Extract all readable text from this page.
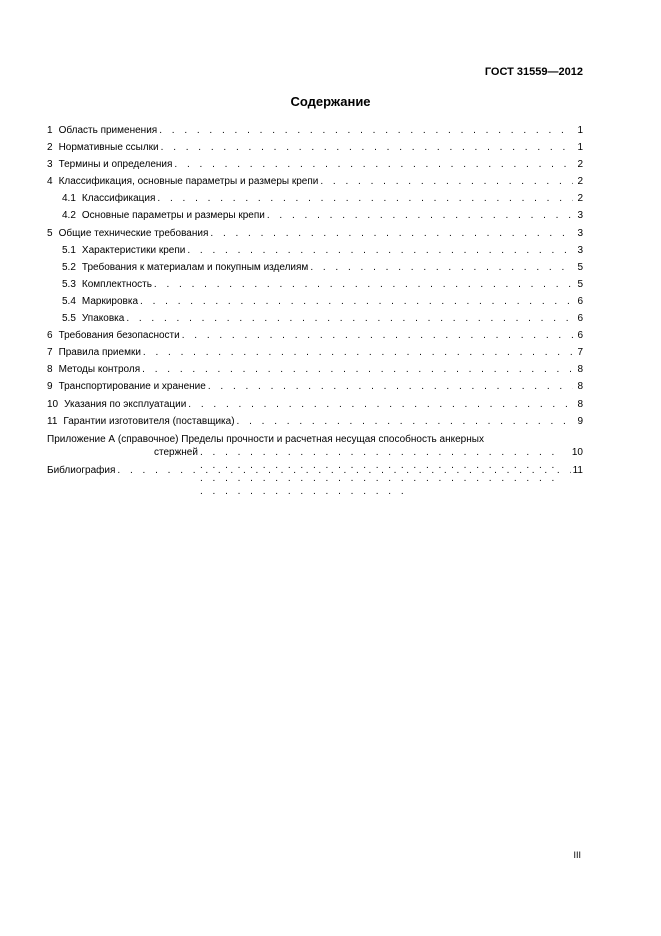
ГОСТ 31559—2012
Содержание
1 Область применения . . .	1
2 Нормативные ссылки . . .	1
3 Термины и определения . . .	2
4 Классификация, основные параметры и размеры крепи . . .	2
4.1 Классификация . . .	2
4.2 Основные параметры и размеры крепи . . .	3
5 Общие технические требования . . .	3
5.1 Характеристики крепи . . .	3
5.2 Требования к материалам и покупным изделиям . . .	5
5.3 Комплектность . . .	5
5.4 Маркировка . . .	6
5.5 Упаковка . . .	6
6 Требования безопасности . . .	6
7 Правила приемки . . .	7
8 Методы контроля . . .	8
9 Транспортирование и хранение . . .	8
10 Указания по эксплуатации . . .	8
11 Гарантии изготовителя (поставщика) . . .	9
Приложение А (справочное) Пределы прочности и расчетная несущая способность анкерных
стержней . . .	10
Библиография . . .	11
III
